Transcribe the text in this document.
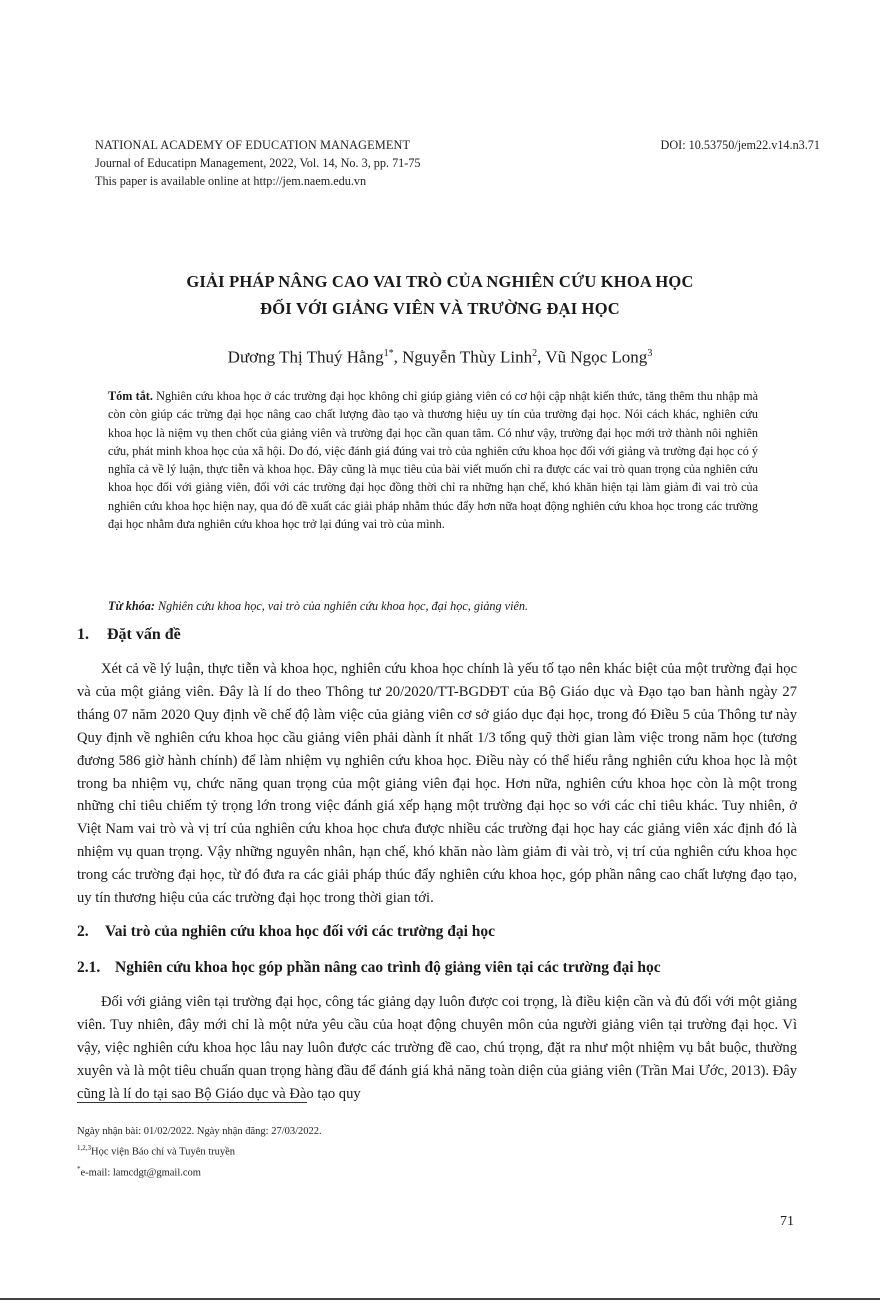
NATIONAL ACADEMY OF EDUCATION MANAGEMENT
Journal of Educatipn Management, 2022, Vol. 14, No. 3, pp. 71-75
This paper is available online at http://jem.naem.edu.vn
DOI: 10.53750/jem22.v14.n3.71
GIẢI PHÁP NÂNG CAO VAI TRÒ CỦA NGHIÊN CỨU KHOA HỌC
ĐỐI VỚI GIẢNG VIÊN VÀ TRƯỜNG ĐẠI HỌC
Dương Thị Thuý Hằng$^{1*}$, Nguyễn Thùy Linh$^2$, Vũ Ngọc Long$^3$
Tóm tắt. Nghiên cứu khoa học ở các trường đại học không chỉ giúp giảng viên có cơ hội cập nhật kiến thức, tăng thêm thu nhập mà còn còn giúp các trừng đại học nâng cao chất lượng đào tạo và thương hiệu uy tín của trường đại học. Nói cách khác, nghiên cứu khoa học là niệm vụ then chốt của giảng viên và trường đại học cần quan tâm. Có như vậy, trường đại học mới trở thành nôi nghiên cứu, phát minh khoa học của xã hội. Do đó, việc đánh giá đúng vai trò của nghiên cứu khoa học đối với giảng và trường đại học có ý nghĩa cả về lý luận, thực tiễn và khoa học. Đây cũng là mục tiêu của bài viết muốn chỉ ra được các vai trò quan trọng của nghiên cứu khoa học đối với giảng viên, đối với các trường đại học đồng thời chỉ ra những hạn chế, khó khăn hiện tại làm giảm đi vai trò của nghiên cứu khoa học hiện nay, qua đó đề xuất các giải pháp nhằm thúc đẩy hơn nữa hoạt động nghiên cứu khoa học trong các trường đại học nhằm đưa nghiên cứu khoa học trở lại đúng vai trò của mình.
Từ khóa: Nghiên cứu khoa học, vai trò của nghiên cứu khoa học, đại học, giảng viên.
1. Đặt vấn đề
Xét cả về lý luận, thực tiễn và khoa học, nghiên cứu khoa học chính là yếu tố tạo nên khác biệt của một trường đại học và của một giảng viên. Đây là lí do theo Thông tư 20/2020/TT-BGDĐT của Bộ Giáo dục và Đạo tạo ban hành ngày 27 tháng 07 năm 2020 Quy định về chế độ làm việc của giảng viên cơ sở giáo dục đại học, trong đó Điều 5 của Thông tư này Quy định về nghiên cứu khoa học cầu giảng viên phải dành ít nhất 1/3 tổng quỹ thời gian làm việc trong năm học (tương đương 586 giờ hành chính) để làm nhiệm vụ nghiên cứu khoa học. Điều này có thể hiểu rằng nghiên cứu khoa học là một trong ba nhiệm vụ, chức năng quan trọng của một giảng viên đại học. Hơn nữa, nghiên cứu khoa học còn là một trong những chỉ tiêu chiếm tỷ trọng lớn trong việc đánh giá xếp hạng một trường đại học so với các chỉ tiêu khác. Tuy nhiên, ở Việt Nam vai trò và vị trí của nghiên cứu khoa học chưa được nhiều các trường đại học hay các giảng viên xác định đó là nhiệm vụ quan trọng. Vậy những nguyên nhân, hạn chế, khó khăn nào làm giảm đi vài trò, vị trí của nghiên cứu khoa học trong các trường đại học, từ đó đưa ra các giải pháp thúc đẩy nghiên cứu khoa học, góp phần nâng cao chất lượng đạo tạo, uy tín thương hiệu của các trường đại học trong thời gian tới.
2. Vai trò của nghiên cứu khoa học đối với các trường đại học
2.1. Nghiên cứu khoa học góp phần nâng cao trình độ giảng viên tại các trường đại học
Đối với giảng viên tại trường đại học, công tác giảng dạy luôn được coi trọng, là điều kiện cần và đủ đối với một giảng viên. Tuy nhiên, đây mới chỉ là một nửa yêu cầu của hoạt động chuyên môn của người giảng viên tại trường đại học. Vì vậy, việc nghiên cứu khoa học lâu nay luôn được các trường đề cao, chú trọng, đặt ra như một nhiệm vụ bắt buộc, thường xuyên và là một tiêu chuẩn quan trọng hàng đầu để đánh giá khả năng toàn diện của giảng viên (Trần Mai Ước, 2013). Đây cũng là lí do tại sao Bộ Giáo dục và Đào tạo quy
Ngày nhận bài: 01/02/2022. Ngày nhận đăng: 27/03/2022.
$^{1,2,3}$Học viện Báo chí và Tuyên truyền
*e-mail: lamcdgt@gmail.com
71
